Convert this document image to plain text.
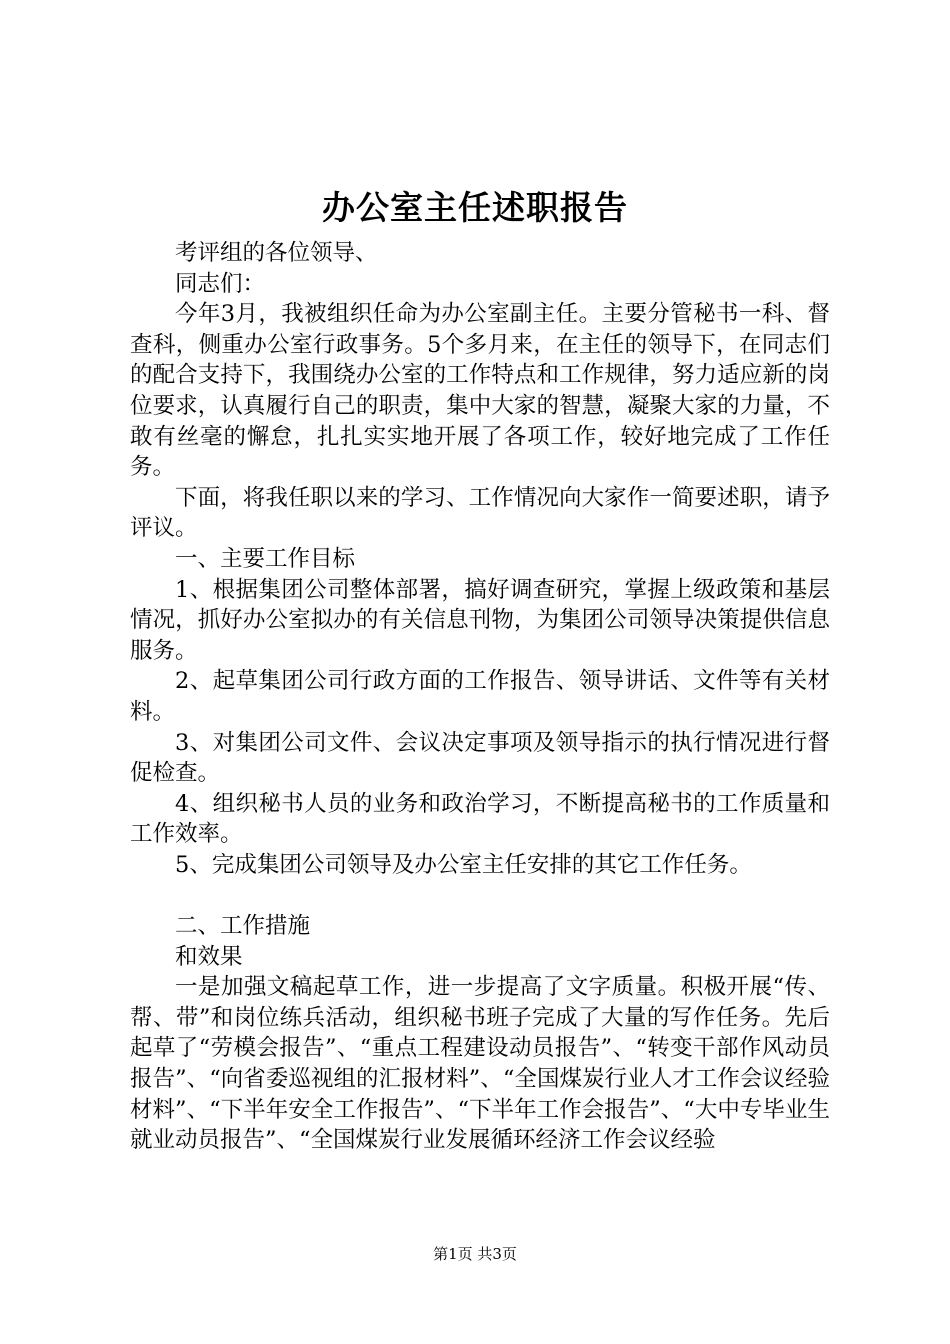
办公室主任述职报告

考评组的各位领导、

同志们：

今年3月，我被组织任命为办公室副主任。主要分管秘书一科、督查科，侧重办公室行政事务。5个多月来，在主任的领导下，在同志们的配合支持下，我围绕办公室的工作特点和工作规律，努力适应新的岗位要求，认真履行自己的职责，集中大家的智慧，凝聚大家的力量，不敢有丝毫的懈怠，扎扎实实地开展了各项工作，较好地完成了工作任务。

下面，将我任职以来的学习、工作情况向大家作一简要述职，请予评议。

一、主要工作目标

1、根据集团公司整体部署，搞好调查研究，掌握上级政策和基层情况，抓好办公室拟办的有关信息刊物，为集团公司领导决策提供信息服务。

2、起草集团公司行政方面的工作报告、领导讲话、文件等有关材料。

3、对集团公司文件、会议决定事项及领导指示的执行情况进行督促检查。

4、组织秘书人员的业务和政治学习，不断提高秘书的工作质量和工作效率。

5、完成集团公司领导及办公室主任安排的其它工作任务。

二、工作措施

和效果

一是加强文稿起草工作，进一步提高了文字质量。积极开展“传、帮、带”和岗位练兵活动，组织秘书班子完成了大量的写作任务。先后起草了“劳模会报告”、“重点工程建设动员报告”、“转变干部作风动员报告”、“向省委巡视组的汇报材料”、“全国煤炭行业人才工作会议经验材料”、“下半年安全工作报告”、“下半年工作会报告”、“大中专毕业生就业动员报告”、“全国煤炭行业发展循环经济工作会议经验

第1页 共3页
